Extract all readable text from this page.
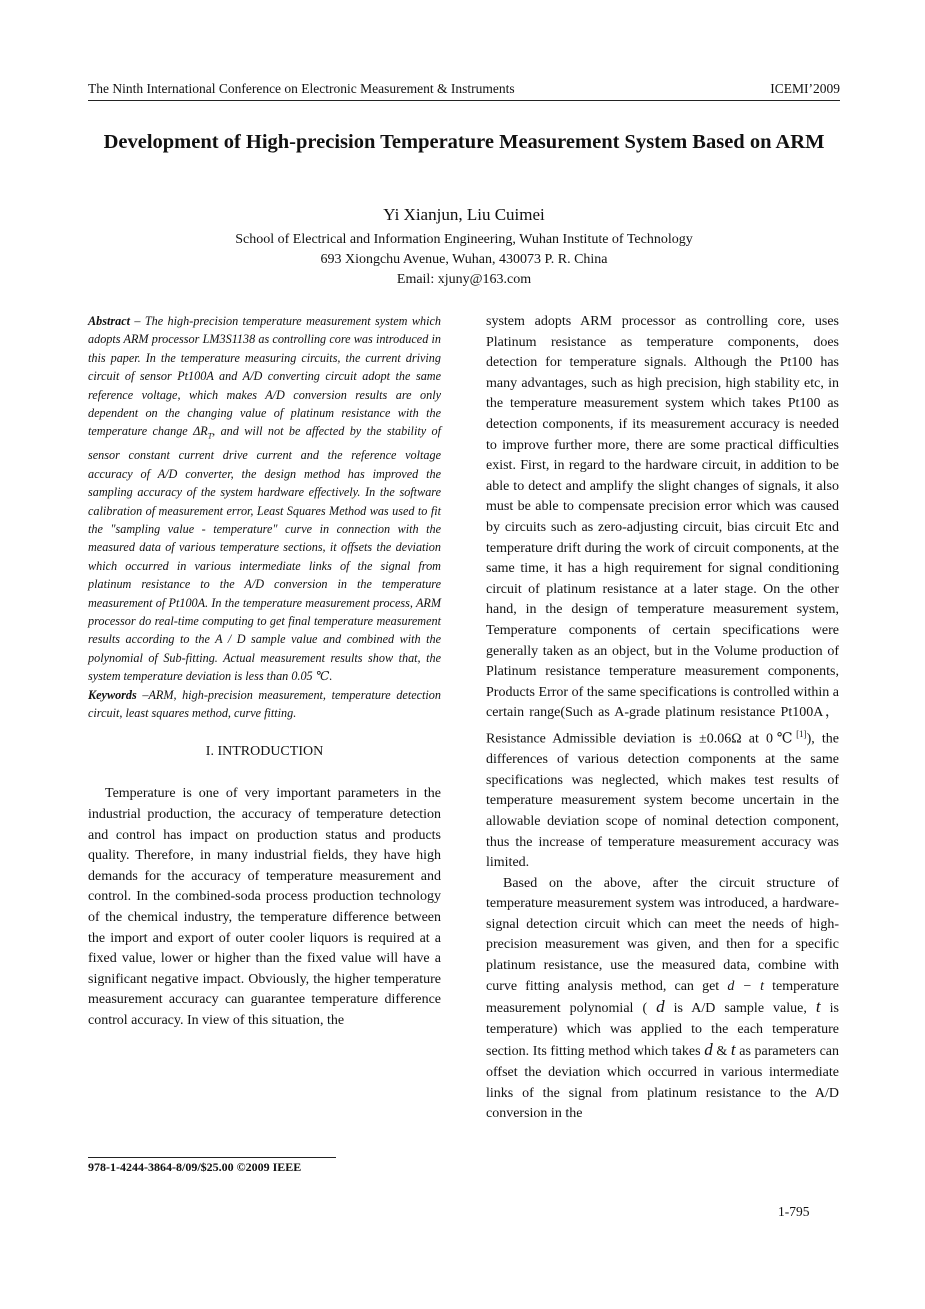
The Ninth International Conference on Electronic Measurement & Instruments	ICEMI’2009
Development of High-precision Temperature Measurement System Based on ARM
Yi Xianjun, Liu Cuimei
School of Electrical and Information Engineering, Wuhan Institute of Technology
693 Xiongchu Avenue, Wuhan, 430073 P. R. China
Email: xjuny@163.com

Abstract – The high-precision temperature measurement system which adopts ARM processor LM3S1138 as controlling core was introduced in this paper. In the temperature measuring circuits, the current driving circuit of sensor Pt100A and A/D converting circuit adopt the same reference voltage, which makes A/D conversion results are only dependent on the changing value of platinum resistance with the temperature change $\Delta R_T$, and will not be affected by the stability of sensor constant current drive current and the reference voltage accuracy of A/D converter, the design method has improved the sampling accuracy of the system hardware effectively. In the software calibration of measurement error, Least Squares Method was used to fit the "sampling value - temperature" curve in connection with the measured data of various temperature sections, it offsets the deviation which occurred in various intermediate links of the signal from platinum resistance to the A/D conversion in the temperature measurement of Pt100A. In the temperature measurement process, ARM processor do real-time computing to get final temperature measurement results according to the A / D sample value and combined with the polynomial of Sub-fitting. Actual measurement results show that, the system temperature deviation is less than 0.05 ℃.

Keywords –ARM, high-precision measurement, temperature detection circuit, least squares method, curve fitting.

I. INTRODUCTION

Temperature is one of very important parameters in the industrial production, the accuracy of temperature detection and control has impact on production status and products quality. Therefore, in many industrial fields, they have high demands for the accuracy of temperature measurement and control. In the combined-soda process production technology of the chemical industry, the temperature difference between the import and export of outer cooler liquors is required at a fixed value, lower or higher than the fixed value will have a significant negative impact. Obviously, the higher temperature measurement accuracy can guarantee temperature difference control accuracy. In view of this situation, the

system adopts ARM processor as controlling core, uses Platinum resistance as temperature components, does detection for temperature signals. Although the Pt100 has many advantages, such as high precision, high stability etc, in the temperature measurement system which takes Pt100 as detection components, if its measurement accuracy is needed to improve further more, there are some practical difficulties exist. First, in regard to the hardware circuit, in addition to be able to detect and amplify the slight changes of signals, it also must be able to compensate precision error which was caused by circuits such as zero-adjusting circuit, bias circuit Etc and temperature drift during the work of circuit components, at the same time, it has a high requirement for signal conditioning circuit of platinum resistance at a later stage. On the other hand, in the design of temperature measurement system, Temperature components of certain specifications were generally taken as an object, but in the Volume production of Platinum resistance temperature measurement components, Products Error of the same specifications is controlled within a certain range(Such as A-grade platinum resistance Pt100A，Resistance Admissible deviation is ±0.06Ω at 0℃[1]), the differences of various detection components at the same specifications was neglected, which makes test results of temperature measurement system become uncertain in the allowable deviation scope of nominal detection component, thus the increase of temperature measurement accuracy was limited.

Based on the above, after the circuit structure of temperature measurement system was introduced, a hardware-signal detection circuit which can meet the needs of high-precision measurement was given, and then for a specific platinum resistance, use the measured data, combine with curve fitting analysis method, can get d − t temperature measurement polynomial ( d is A/D sample value, t is temperature) which was applied to the each temperature section. Its fitting method which takes d & t as parameters can offset the deviation which occurred in various intermediate links of the signal from platinum resistance to the A/D conversion in the

978-1-4244-3864-8/09/$25.00 ©2009 IEEE
1-795
